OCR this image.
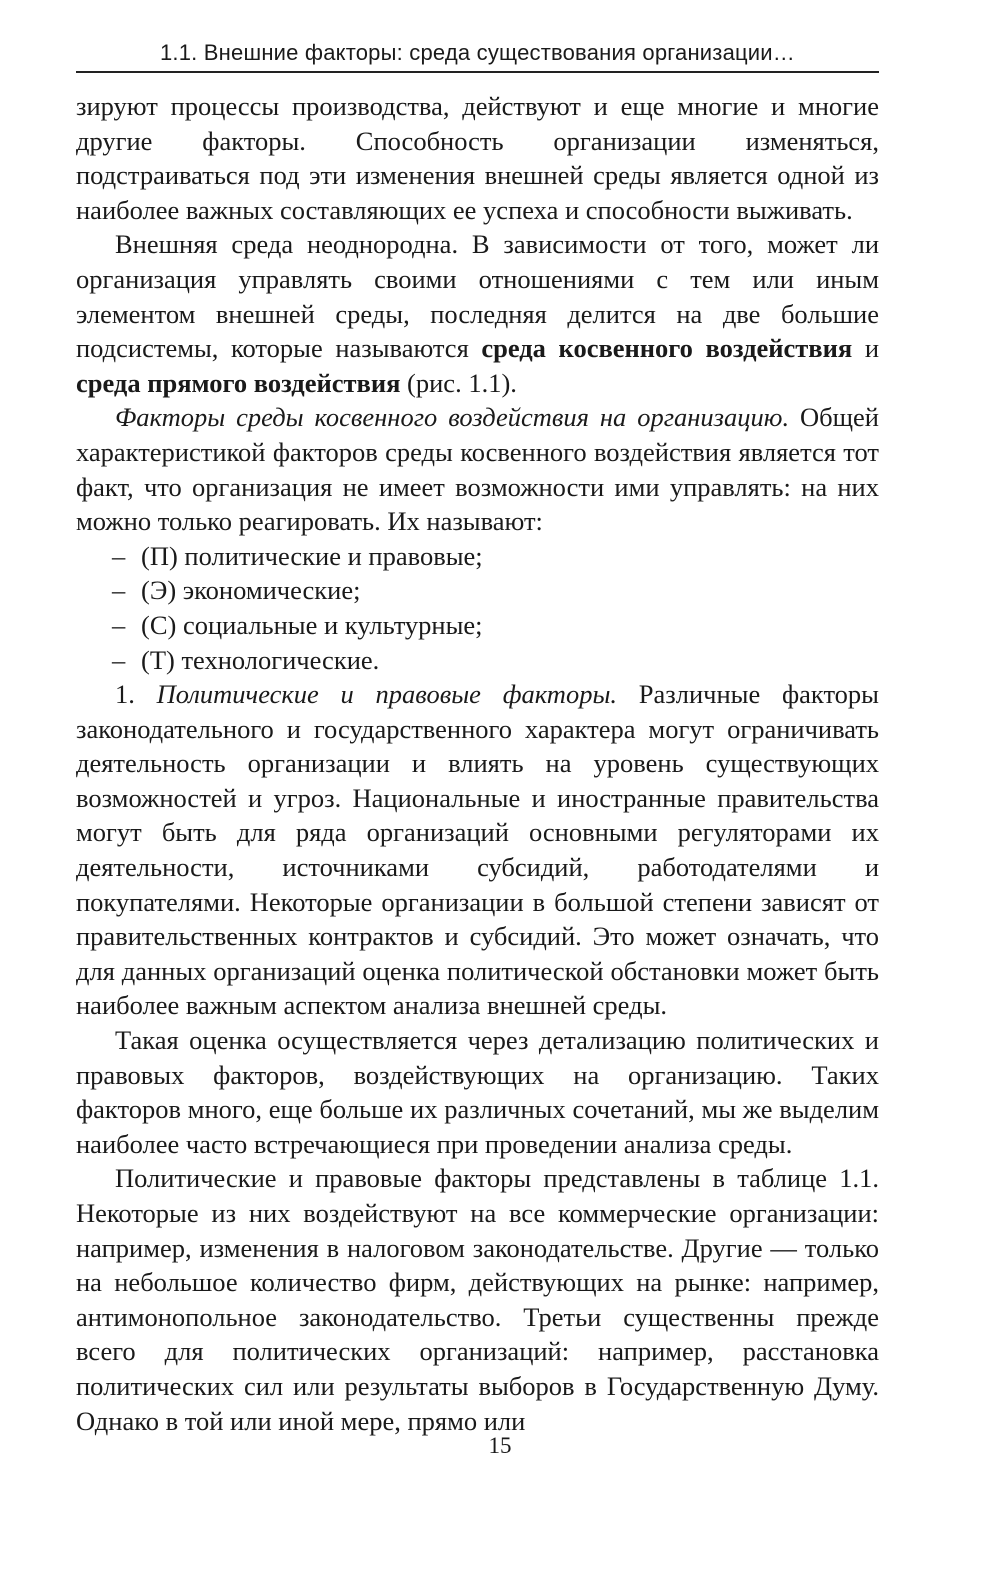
1.1. Внешние факторы: среда существования организации…

зируют процессы производства, действуют и еще многие и многие другие факторы. Способность организации изменяться, подстраиваться под эти изменения внешней среды является одной из наиболее важных составляющих ее успеха и способности выживать.

Внешняя среда неоднородна. В зависимости от того, может ли организация управлять своими отношениями с тем или иным элементом внешней среды, последняя делится на две большие подсистемы, которые называются среда косвенного воздействия и среда прямого воздействия (рис. 1.1).

Факторы среды косвенного воздействия на организацию. Общей характеристикой факторов среды косвенного воздействия является тот факт, что организация не имеет возможности ими управлять: на них можно только реагировать. Их называют:

– (П) политические и правовые;
– (Э) экономические;
– (С) социальные и культурные;
– (Т) технологические.

1. Политические и правовые факторы. Различные факторы законодательного и государственного характера могут ограничивать деятельность организации и влиять на уровень существующих возможностей и угроз. Национальные и иностранные правительства могут быть для ряда организаций основными регуляторами их деятельности, источниками субсидий, работодателями и покупателями. Некоторые организации в большой степени зависят от правительственных контрактов и субсидий. Это может означать, что для данных организаций оценка политической обстановки может быть наиболее важным аспектом анализа внешней среды.

Такая оценка осуществляется через детализацию политических и правовых факторов, воздействующих на организацию. Таких факторов много, еще больше их различных сочетаний, мы же выделим наиболее часто встречающиеся при проведении анализа среды.

Политические и правовые факторы представлены в таблице 1.1. Некоторые из них воздействуют на все коммерческие организации: например, изменения в налоговом законодательстве. Другие — только на небольшое количество фирм, действующих на рынке: например, антимонопольное законодательство. Третьи существенны прежде всего для политических организаций: например, расстановка политических сил или результаты выборов в Государственную Думу. Однако в той или иной мере, прямо или

15
